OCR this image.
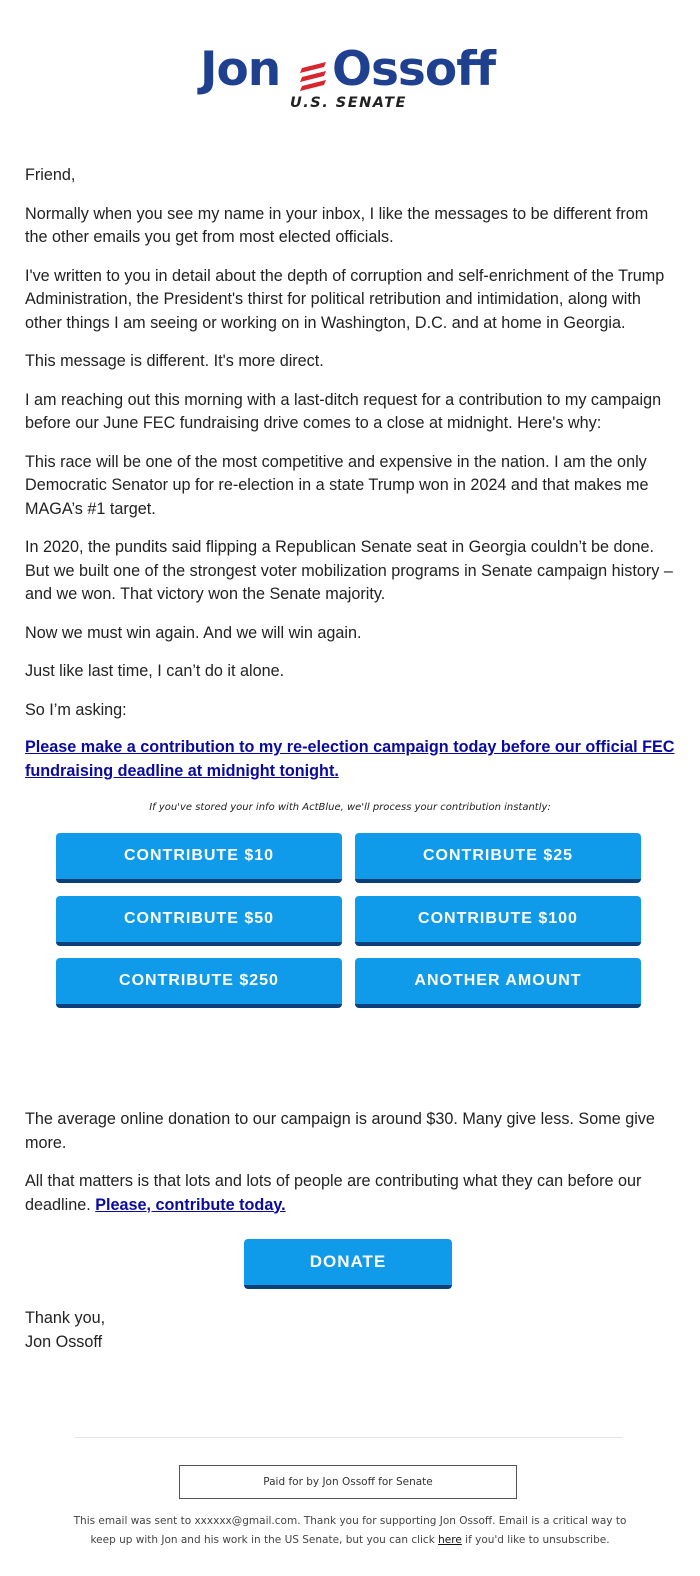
Jon Ossoff
U.S. SENATE

Friend,

Normally when you see my name in your inbox, I like the messages to be different from the other emails you get from most elected officials.

I've written to you in detail about the depth of corruption and self-enrichment of the Trump Administration, the President's thirst for political retribution and intimidation, along with other things I am seeing or working on in Washington, D.C. and at home in Georgia.

This message is different. It's more direct.

I am reaching out this morning with a last-ditch request for a contribution to my campaign before our June FEC fundraising drive comes to a close at midnight. Here's why:

This race will be one of the most competitive and expensive in the nation. I am the only Democratic Senator up for re-election in a state Trump won in 2024 and that makes me MAGA’s #1 target.

In 2020, the pundits said flipping a Republican Senate seat in Georgia couldn’t be done. But we built one of the strongest voter mobilization programs in Senate campaign history – and we won. That victory won the Senate majority.

Now we must win again. And we will win again.

Just like last time, I can’t do it alone.

So I’m asking:

Please make a contribution to my re-election campaign today before our official FEC fundraising deadline at midnight tonight.

If you've stored your info with ActBlue, we'll process your contribution instantly:
CONTRIBUTE $10	CONTRIBUTE $25
CONTRIBUTE $50	CONTRIBUTE $100
CONTRIBUTE $250	ANOTHER AMOUNT

The average online donation to our campaign is around $30. Many give less. Some give more.

All that matters is that lots and lots of people are contributing what they can before our deadline. Please, contribute today.

DONATE
Thank you,
Jon Ossoff
Paid for by Jon Ossoff for Senate
This email was sent to xxxxxx@gmail.com. Thank you for supporting Jon Ossoff. Email is a critical way to keep up with Jon and his work in the US Senate, but you can click here if you'd like to unsubscribe.
